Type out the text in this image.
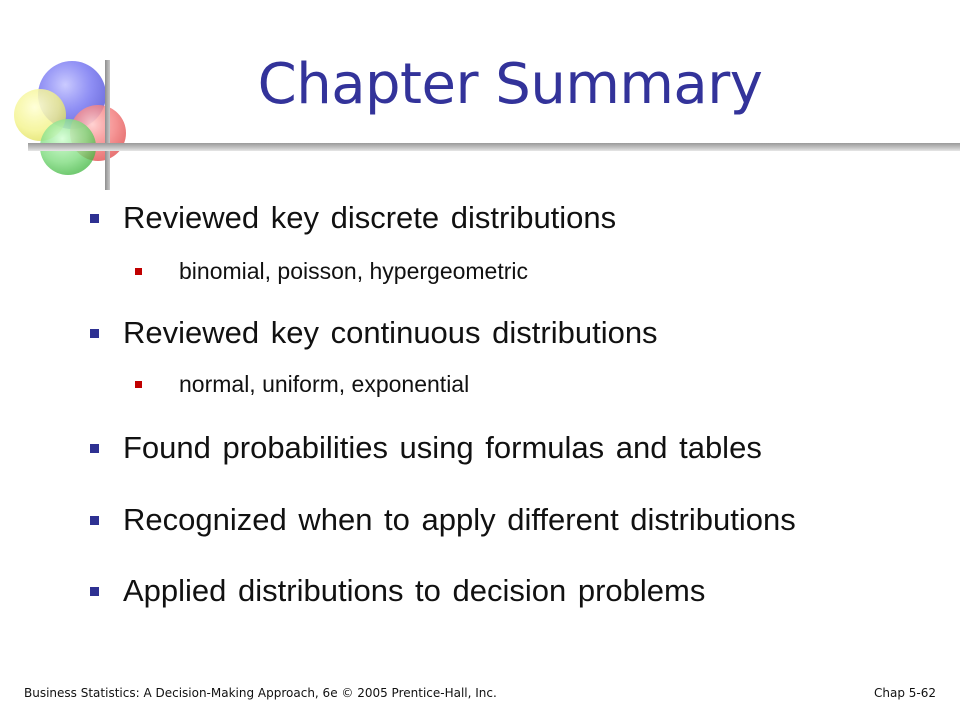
Chapter Summary
Reviewed key discrete distributions
binomial, poisson, hypergeometric
Reviewed key continuous distributions
normal, uniform, exponential
Found probabilities using formulas and tables
Recognized when to apply different distributions
Applied distributions to decision problems
Business Statistics: A Decision-Making Approach, 6e © 2005 Prentice-Hall, Inc.	Chap 5-62
